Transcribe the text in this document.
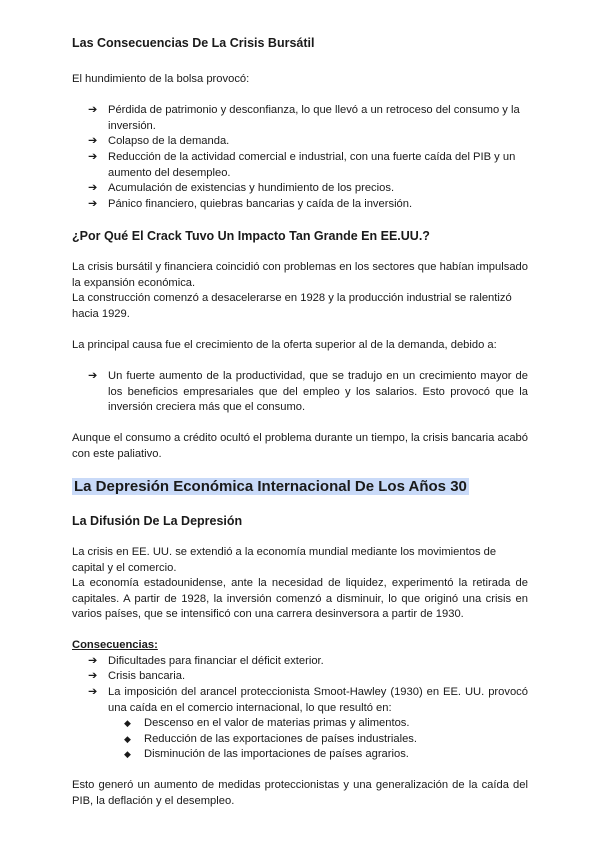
Las Consecuencias De La Crisis Bursátil

El hundimiento de la bolsa provocó:

➔ Pérdida de patrimonio y desconfianza, lo que llevó a un retroceso del consumo y la inversión.
➔ Colapso de la demanda.
➔ Reducción de la actividad comercial e industrial, con una fuerte caída del PIB y un aumento del desempleo.
➔ Acumulación de existencias y hundimiento de los precios.
➔ Pánico financiero, quiebras bancarias y caída de la inversión.
¿Por Qué El Crack Tuvo Un Impacto Tan Grande En EE.UU.?

La crisis bursátil y financiera coincidió con problemas en los sectores que habían impulsado la expansión económica.

La construcción comenzó a desacelerarse en 1928 y la producción industrial se ralentizó hacia 1929.

La principal causa fue el crecimiento de la oferta superior al de la demanda, debido a:

➔ Un fuerte aumento de la productividad, que se tradujo en un crecimiento mayor de los beneficios empresariales que del empleo y los salarios. Esto provocó que la inversión creciera más que el consumo.

Aunque el consumo a crédito ocultó el problema durante un tiempo, la crisis bancaria acabó con este paliativo.

La Depresión Económica Internacional De Los Años 30
La Difusión De La Depresión

La crisis en EE. UU. se extendió a la economía mundial mediante los movimientos de capital y el comercio.

La economía estadounidense, ante la necesidad de liquidez, experimentó la retirada de capitales. A partir de 1928, la inversión comenzó a disminuir, lo que originó una crisis en varios países, que se intensificó con una carrera desinversora a partir de 1930.

Consecuencias:

➔ Dificultades para financiar el déficit exterior.
➔ Crisis bancaria.
➔ La imposición del arancel proteccionista Smoot-Hawley (1930) en EE. UU. provocó una caída en el comercio internacional, lo que resultó en:
◆ Descenso en el valor de materias primas y alimentos.
◆ Reducción de las exportaciones de países industriales.
◆ Disminución de las importaciones de países agrarios.

Esto generó un aumento de medidas proteccionistas y una generalización de la caída del PIB, la deflación y el desempleo.
